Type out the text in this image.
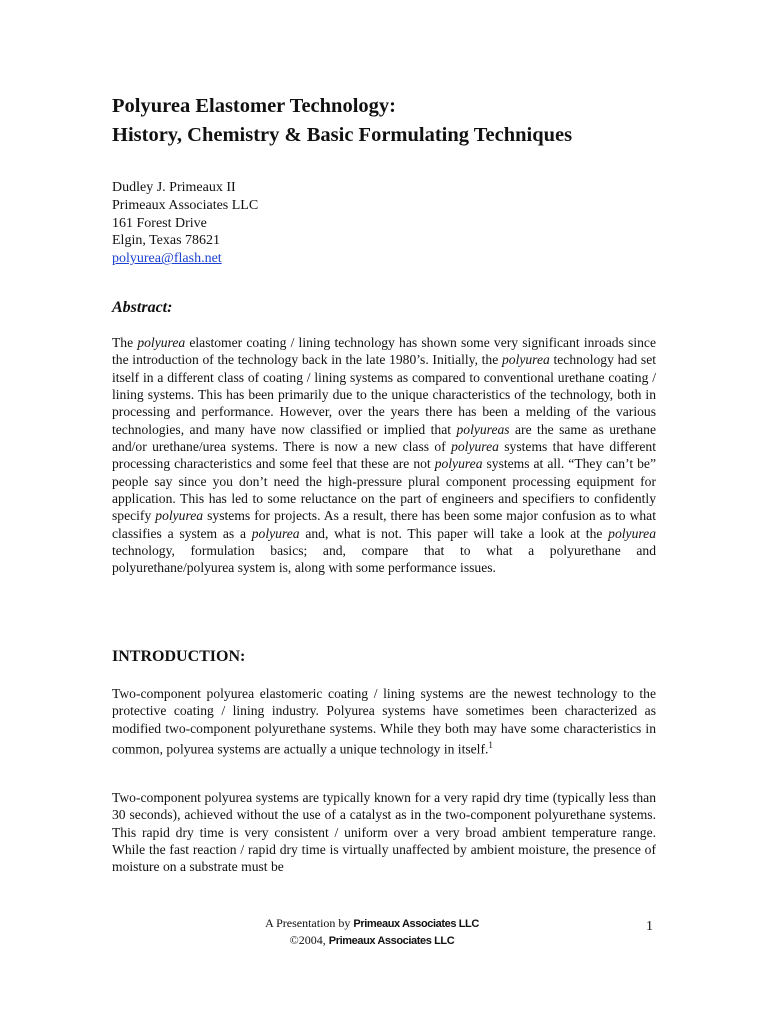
Polyurea Elastomer Technology:
History, Chemistry & Basic Formulating Techniques
Dudley J. Primeaux II
Primeaux Associates LLC
161 Forest Drive
Elgin, Texas 78621
polyurea@flash.net
Abstract:

The polyurea elastomer coating / lining technology has shown some very significant inroads since the introduction of the technology back in the late 1980’s. Initially, the polyurea technology had set itself in a different class of coating / lining systems as compared to conventional urethane coating / lining systems. This has been primarily due to the unique characteristics of the technology, both in processing and performance. However, over the years there has been a melding of the various technologies, and many have now classified or implied that polyureas are the same as urethane and/or urethane/urea systems. There is now a new class of polyurea systems that have different processing characteristics and some feel that these are not polyurea systems at all. “They can’t be” people say since you don’t need the high-pressure plural component processing equipment for application. This has led to some reluctance on the part of engineers and specifiers to confidently specify polyurea systems for projects. As a result, there has been some major confusion as to what classifies a system as a polyurea and, what is not. This paper will take a look at the polyurea technology, formulation basics; and, compare that to what a polyurethane and polyurethane/polyurea system is, along with some performance issues.

INTRODUCTION:

Two-component polyurea elastomeric coating / lining systems are the newest technology to the protective coating / lining industry. Polyurea systems have sometimes been characterized as modified two-component polyurethane systems. While they both may have some characteristics in common, polyurea systems are actually a unique technology in itself.$^1$

Two-component polyurea systems are typically known for a very rapid dry time (typically less than 30 seconds), achieved without the use of a catalyst as in the two-component polyurethane systems. This rapid dry time is very consistent / uniform over a very broad ambient temperature range. While the fast reaction / rapid dry time is virtually unaffected by ambient moisture, the presence of moisture on a substrate must be

A Presentation by Primeaux Associates LLC
©2004, Primeaux Associates LLC
1
